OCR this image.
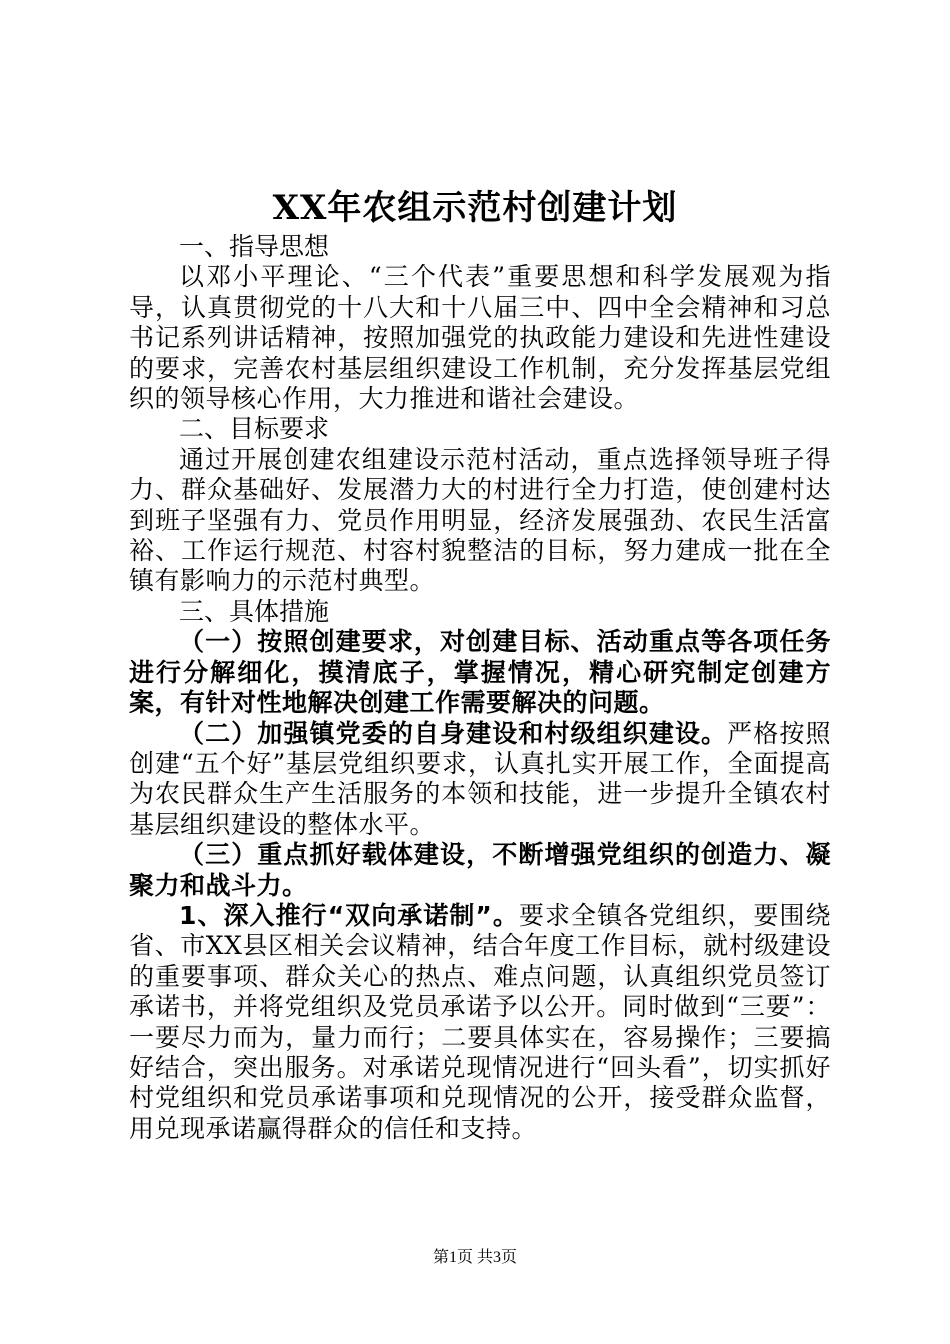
XX年农组示范村创建计划

一、指导思想

以邓小平理论、“三个代表”重要思想和科学发展观为指导，认真贯彻党的十八大和十八届三中、四中全会精神和习总书记系列讲话精神，按照加强党的执政能力建设和先进性建设的要求，完善农村基层组织建设工作机制，充分发挥基层党组织的领导核心作用，大力推进和谐社会建设。

二、目标要求

通过开展创建农组建设示范村活动，重点选择领导班子得力、群众基础好、发展潜力大的村进行全力打造，使创建村达到班子坚强有力、党员作用明显，经济发展强劲、农民生活富裕、工作运行规范、村容村貌整洁的目标，努力建成一批在全镇有影响力的示范村典型。

三、具体措施

（一）按照创建要求，对创建目标、活动重点等各项任务进行分解细化，摸清底子，掌握情况，精心研究制定创建方案，有针对性地解决创建工作需要解决的问题。

（二）加强镇党委的自身建设和村级组织建设。严格按照创建“五个好”基层党组织要求，认真扎实开展工作，全面提高为农民群众生产生活服务的本领和技能，进一步提升全镇农村基层组织建设的整体水平。

（三）重点抓好载体建设，不断增强党组织的创造力、凝聚力和战斗力。

1、深入推行“双向承诺制”。要求全镇各党组织，要围绕省、市XX县区相关会议精神，结合年度工作目标，就村级建设的重要事项、群众关心的热点、难点问题，认真组织党员签订承诺书，并将党组织及党员承诺予以公开。同时做到“三要”：一要尽力而为，量力而行；二要具体实在，容易操作；三要搞好结合，突出服务。对承诺兑现情况进行“回头看”，切实抓好村党组织和党员承诺事项和兑现情况的公开，接受群众监督，用兑现承诺赢得群众的信任和支持。

第1页 共3页
